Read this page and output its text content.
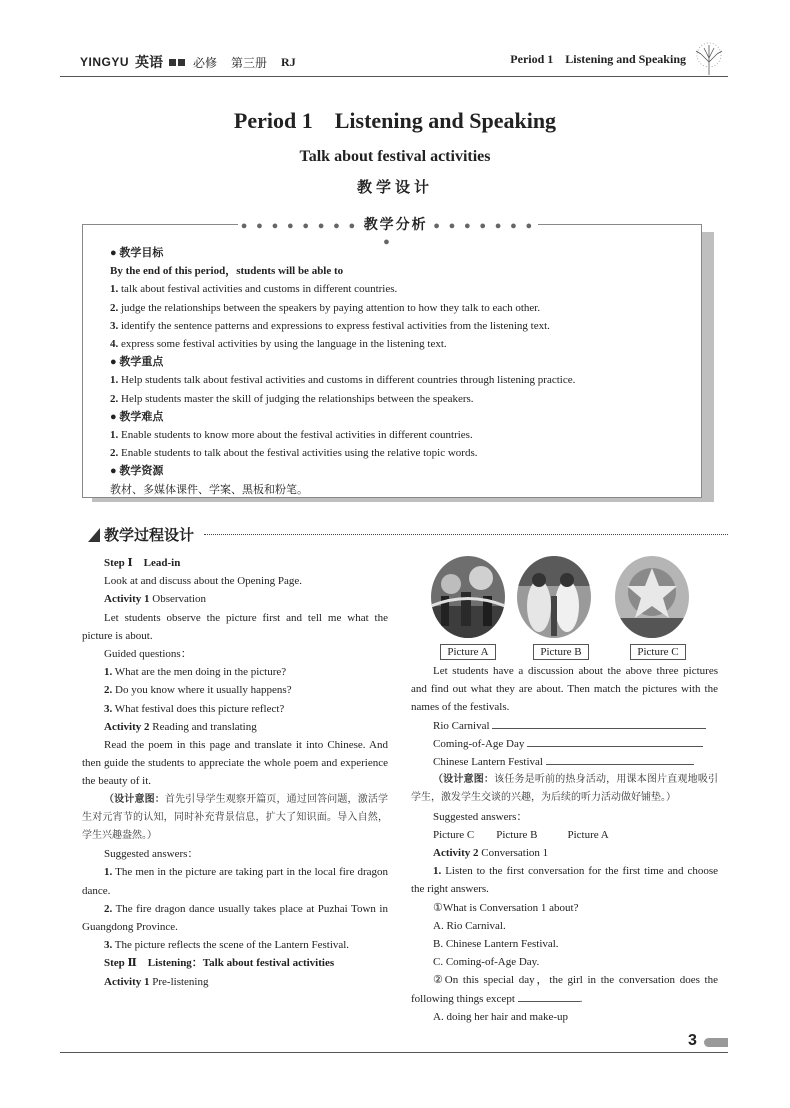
YINGYU 英语	必修 第三册 RJ	Period 1    Listening and Speaking
Period 1    Listening and Speaking
Talk about festival activities
教学设计
● ● ● ● ● ● ● ● 教学分析 ● ● ● ● ● ● ● ●
● 教学目标
By the end of this period，students will be able to
1. talk about festival activities and customs in different countries.
2. judge the relationships between the speakers by paying attention to how they talk to each other.
3. identify the sentence patterns and expressions to express festival activities from the listening text.
4. express some festival activities by using the language in the listening text.
● 教学重点
1. Help students talk about festival activities and customs in different countries through listening practice.
2. Help students master the skill of judging the relationships between the speakers.
● 教学难点
1. Enable students to know more about the festival activities in different countries.
2. Enable students to talk about the festival activities using the relative topic words.
● 教学资源
教材、多媒体课件、学案、黑板和粉笔。
教学过程设计

Step Ⅰ    Lead-in

Look at and discuss about the Opening Page.

Activity 1 Observation

Let students observe the picture first and tell me what the picture is about.

Guided questions：

1. What are the men doing in the picture?

2. Do you know where it usually happens?

3. What festival does this picture reflect?

Activity 2 Reading and translating

Read the poem in this page and translate it into Chinese. And then guide the students to appreciate the whole poem and experience the beauty of it.

（设计意图：首先引导学生观察开篇页，通过回答问题，激活学生对元宵节的认知，同时补充背景信息，扩大了知识面。导入自然，学生兴趣盎然。）

Suggested answers：

1. The men in the picture are taking part in the local fire dragon dance.

2. The fire dragon dance usually takes place at Puzhai Town in Guangdong Province.

3. The picture reflects the scene of the Lantern Festival.

Step Ⅱ    Listening：Talk about festival activities

Activity 1 Pre-listening

Picture A	Picture B	Picture C

Let students have a discussion about the above three pictures and find out what they are about. Then match the pictures with the names of the festivals.

Rio Carnival

Coming-of-Age Day

Chinese Lantern Festival

（设计意图：该任务是听前的热身活动，用课本图片直观地吸引学生，激发学生交谈的兴趣，为后续的听力活动做好铺垫。）

Suggested answers：

Picture C Picture B	Picture A

Activity 2 Conversation 1

1. Listen to the first conversation for the first time and choose the right answers.

①What is Conversation 1 about?

A. Rio Carnival.

B. Chinese Lantern Festival.

C. Coming-of-Age Day.

②On this special day，the girl in the conversation does the following things except	.

A. doing her hair and make-up

3
